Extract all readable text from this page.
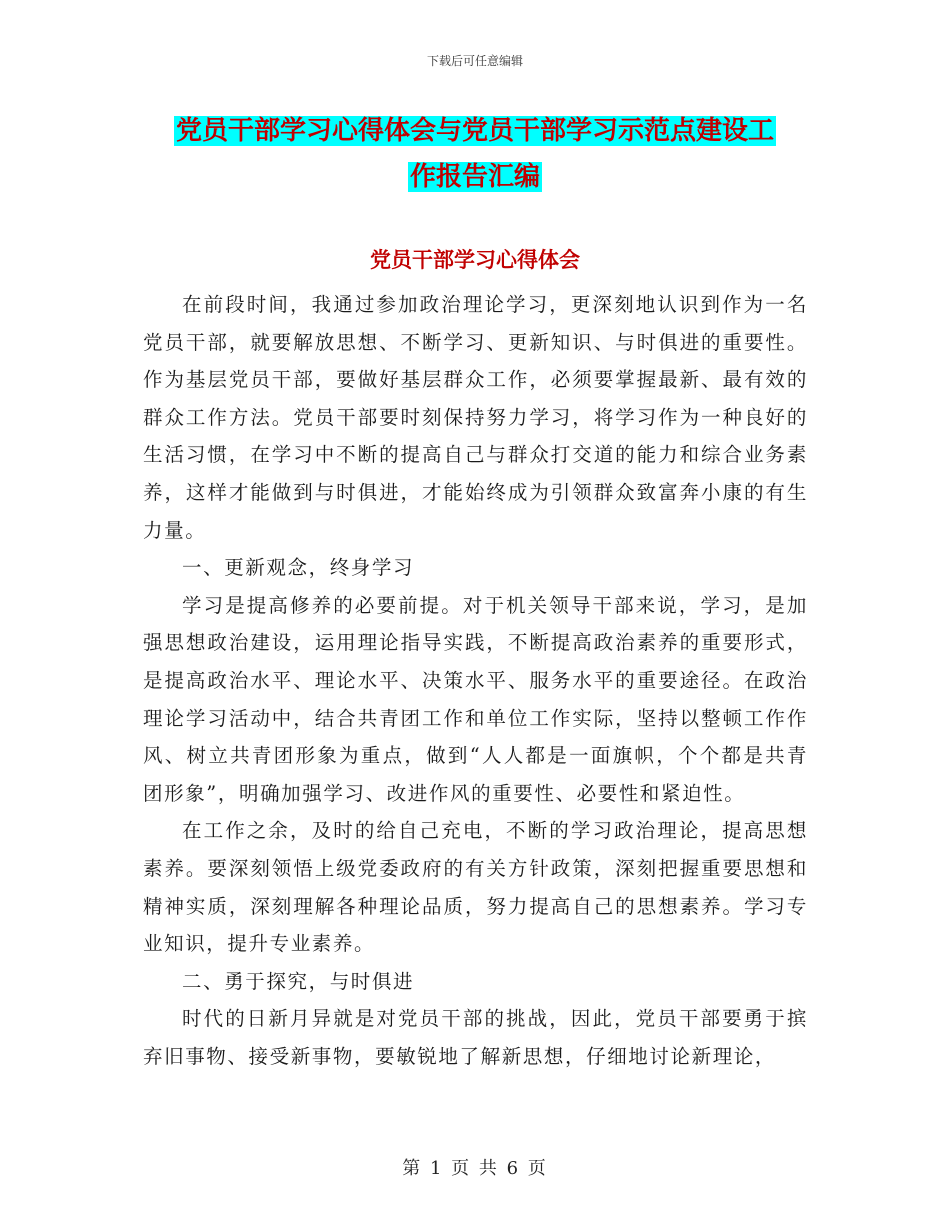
下载后可任意编辑
党员干部学习心得体会与党员干部学习示范点建设工
作报告汇编
党员干部学习心得体会

在前段时间，我通过参加政治理论学习，更深刻地认识到作为一名党员干部，就要解放思想、不断学习、更新知识、与时俱进的重要性。作为基层党员干部，要做好基层群众工作，必须要掌握最新、最有效的群众工作方法。党员干部要时刻保持努力学习，将学习作为一种良好的生活习惯，在学习中不断的提高自己与群众打交道的能力和综合业务素养，这样才能做到与时俱进，才能始终成为引领群众致富奔小康的有生力量。

一、更新观念，终身学习

学习是提高修养的必要前提。对于机关领导干部来说，学习，是加强思想政治建设，运用理论指导实践，不断提高政治素养的重要形式，是提高政治水平、理论水平、决策水平、服务水平的重要途径。在政治理论学习活动中，结合共青团工作和单位工作实际，坚持以整顿工作作风、树立共青团形象为重点，做到“人人都是一面旗帜，个个都是共青团形象”，明确加强学习、改进作风的重要性、必要性和紧迫性。

在工作之余，及时的给自己充电，不断的学习政治理论，提高思想素养。要深刻领悟上级党委政府的有关方针政策，深刻把握重要思想和精神实质，深刻理解各种理论品质，努力提高自己的思想素养。学习专业知识，提升专业素养。

二、勇于探究，与时俱进

时代的日新月异就是对党员干部的挑战，因此，党员干部要勇于摈弃旧事物、接受新事物，要敏锐地了解新思想，仔细地讨论新理论，

第 1 页 共 6 页
